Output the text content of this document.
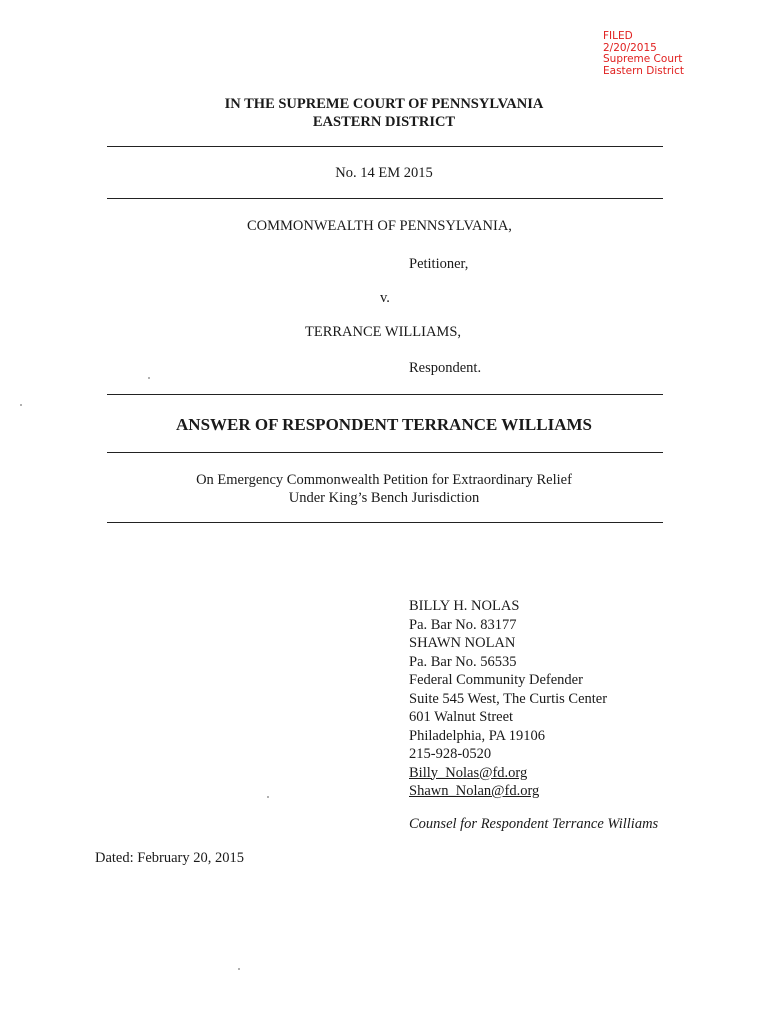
FILED
2/20/2015
Supreme Court
Eastern District
IN THE SUPREME COURT OF PENNSYLVANIA
EASTERN DISTRICT
No. 14 EM 2015
COMMONWEALTH OF PENNSYLVANIA,
Petitioner,
v.
TERRANCE WILLIAMS,
Respondent.
ANSWER OF RESPONDENT TERRANCE WILLIAMS
On Emergency Commonwealth Petition for Extraordinary Relief
Under King’s Bench Jurisdiction
BILLY H. NOLAS
Pa. Bar No. 83177
SHAWN NOLAN
Pa. Bar No. 56535
Federal Community Defender
Suite 545 West, The Curtis Center
601 Walnut Street
Philadelphia, PA 19106
215-928-0520
Billy_Nolas@fd.org
Shawn_Nolan@fd.org
Counsel for Respondent Terrance Williams
Dated: February 20, 2015
